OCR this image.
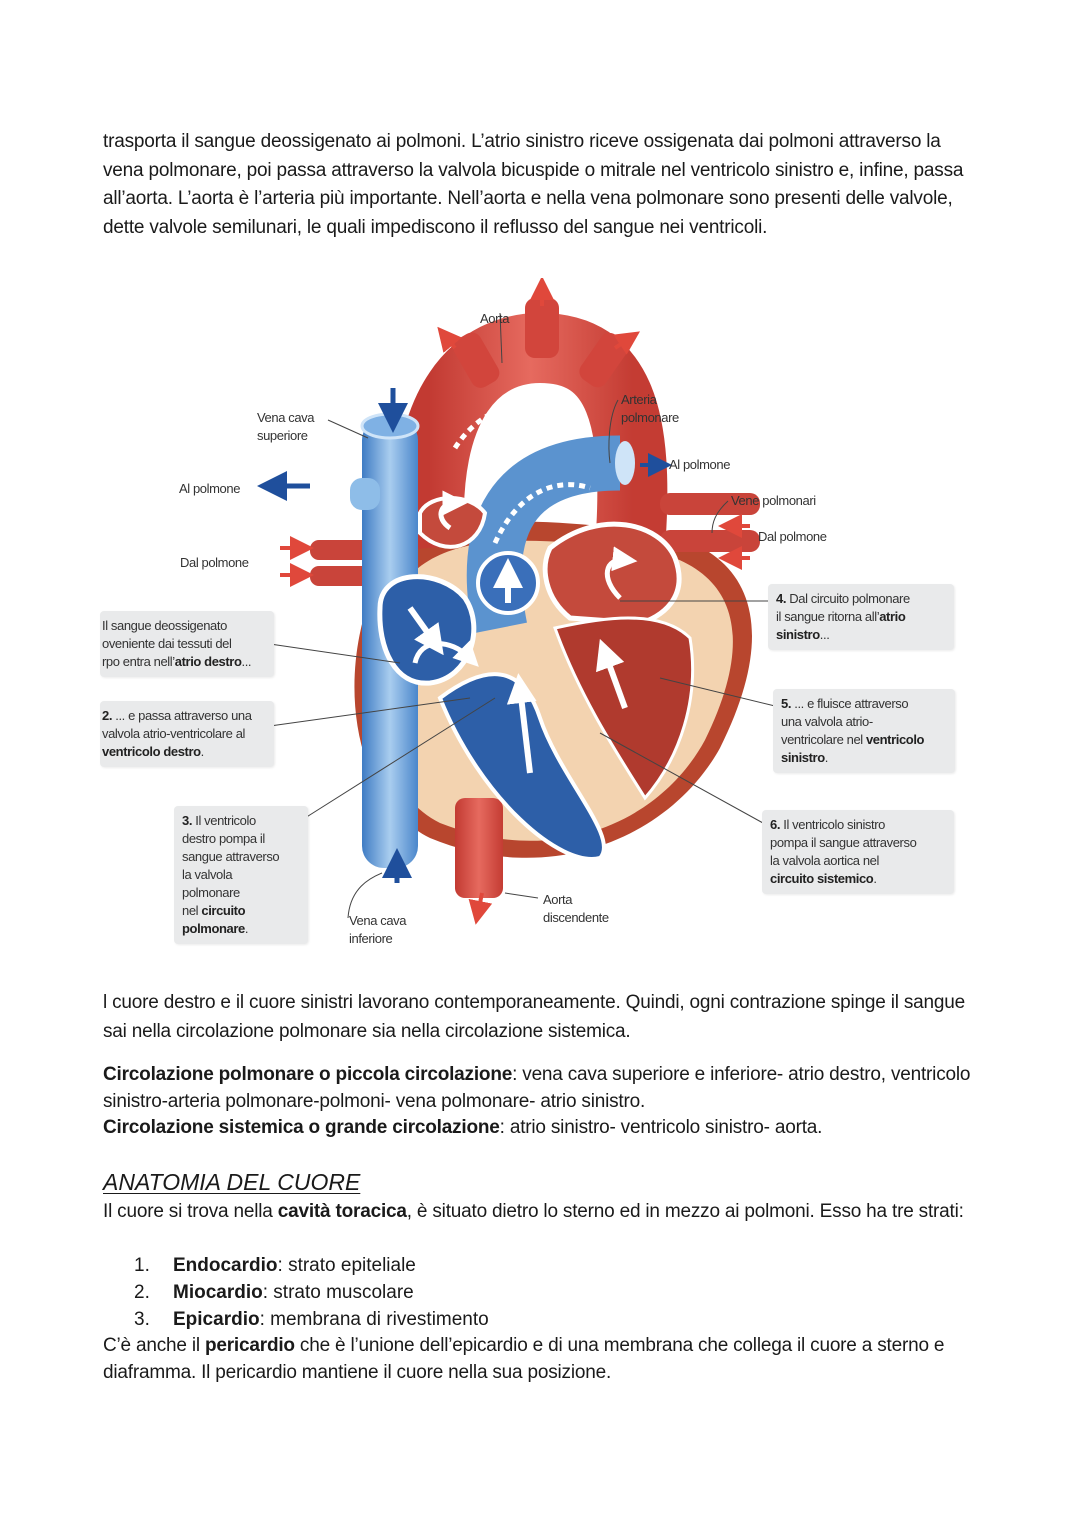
trasporta il sangue deossigenato ai polmoni. L’atrio sinistro riceve ossigenata dai polmoni attraverso la vena polmonare, poi passa attraverso la valvola bicuspide o mitrale nel ventricolo sinistro e, infine, passa all’aorta. L’aorta è l’arteria più importante. Nell’aorta e nella vena polmonare sono presenti delle valvole, dette valvole semilunari, le quali impediscono il reflusso del sangue nei ventricoli.
Aorta
Vena cava
superiore
Arteria
polmonare
Al polmone
Al polmone
Vene polmonari
Dal polmone
Dal polmone
Vena cava
inferiore
Aorta
discendente
Il sangue deossigenato
oveniente dai tessuti del
rpo entra nell’atrio destro...
2. ... e passa attraverso una
valvola atrio-ventricolare al
ventricolo destro.
3. Il ventricolo
destro pompa il
sangue attraverso
la valvola
polmonare
nel circuito
polmonare.
4. Dal circuito polmonare
il sangue ritorna all’atrio
sinistro...
5. ... e fluisce attraverso
una valvola atrio-
ventricolare nel ventricolo
sinistro.
6. Il ventricolo sinistro
pompa il sangue attraverso
la valvola aortica nel
circuito sistemico.
l cuore destro e il cuore sinistri lavorano contemporaneamente. Quindi, ogni contrazione spinge il sangue sai nella circolazione polmonare sia nella circolazione sistemica.
Circolazione polmonare o piccola circolazione: vena cava superiore e inferiore- atrio destro, ventricolo sinistro-arteria polmonare-polmoni- vena polmonare- atrio sinistro.
Circolazione sistemica o grande circolazione: atrio sinistro- ventricolo sinistro- aorta.
ANATOMIA DEL CUORE
Il cuore si trova nella cavità toracica, è situato dietro lo sterno ed in mezzo ai polmoni. Esso ha tre strati:
1.	Endocardio: strato epiteliale
2.	Miocardio: strato muscolare
3.	Epicardio: membrana di rivestimento
C’è anche il pericardio che è l’unione dell’epicardio e di una membrana che collega il cuore a sterno e diaframma. Il pericardio mantiene il cuore nella sua posizione.
